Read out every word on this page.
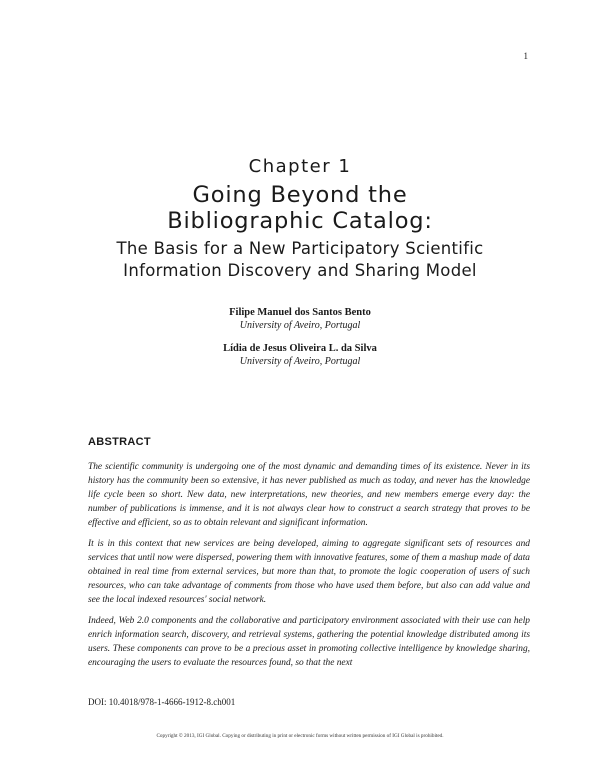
1
Chapter 1
Going Beyond the
Bibliographic Catalog:
The Basis for a New Participatory Scientific
Information Discovery and Sharing Model
Filipe Manuel dos Santos Bento
University of Aveiro, Portugal
Lídia de Jesus Oliveira L. da Silva
University of Aveiro, Portugal
ABSTRACT

The scientific community is undergoing one of the most dynamic and demanding times of its existence. Never in its history has the community been so extensive, it has never published as much as today, and never has the knowledge life cycle been so short. New data, new interpretations, new theories, and new members emerge every day: the number of publications is immense, and it is not always clear how to construct a search strategy that proves to be effective and efficient, so as to obtain relevant and significant information.

It is in this context that new services are being developed, aiming to aggregate significant sets of resources and services that until now were dispersed, powering them with innovative features, some of them a mashup made of data obtained in real time from external services, but more than that, to promote the logic cooperation of users of such resources, who can take advantage of comments from those who have used them before, but also can add value and see the local indexed resources' social network.

Indeed, Web 2.0 components and the collaborative and participatory environment associated with their use can help enrich information search, discovery, and retrieval systems, gathering the potential knowledge distributed among its users. These components can prove to be a precious asset in promoting collective intelligence by knowledge sharing, encouraging the users to evaluate the resources found, so that the next

DOI: 10.4018/978-1-4666-1912-8.ch001
Copyright © 2013, IGI Global. Copying or distributing in print or electronic forms without written permission of IGI Global is prohibited.
